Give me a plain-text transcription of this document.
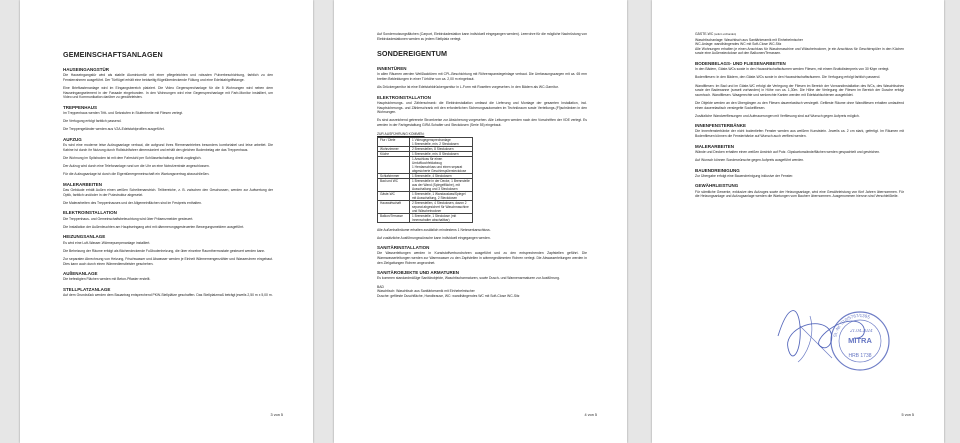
GEMEINSCHAFTSANLAGEN
HAUSEINGANGSTÜR

Die Hauseingangstür wird als stabile Aluminiumtür mit einer pflegeleichten und robusten Pulverbeschichtung, farblich zu den Fensterrahmen ausgeführt. Der Türflügel erhält eine beidseitig flügelüberdeckende Füllung und eine Edelstahlgriffstange.

Eine Briefkastenanlage wird im Eingangsbereich platziert. Die Video Gegensprechanlage für die 5 Wohnungen wird neben dem Hauseingangselement in der Fassade eingebunden. In den Wohnungen wird eine Gegensprechanlage mit Farb-Monitor installiert, um Video und Kommunikation darüber zu gewährleisten.

TREPPENHAUS

Im Treppenhaus werden Tritt- und Setzstufen in Stufenbreite mit Fliesen verlegt.

Die Verfugung erfolgt farblich passend.

Die Treppengeländer werden aus V2A-Edelstahlprofilen ausgeführt.

AUFZUG

Es wird eine moderne leise Aufzugsanlage verbaut, die aufgrund ihres Riemenantriebes besonders komfortabel und leise arbeitet. Die Kabine ist durch ihr Nutzung durch Rollstuhlfahrer dimensioniert und erhält den gleichen Bodenbelag wie das Treppenhaus.

Die Wohnung im Spitzboden ist mit dem Fahrstuhl per Schlüsselschaltung direkt zugänglich.

Der Aufzug wird durch eine Telefonanlage rund um die Uhr an eine Notrufzentrale angeschlossen.

Für die Aufzugsanlage ist durch die Eigentümergemeinschaft ein Wartungsvertrag abzuschließen.

MALERARBEITEN

Das Gebäude erhält Außen einen weißen Scheibenanstrich. Teilbereiche, z. B. zwischen den Geschossen, werden zur Aufwertung der Optik, farblich und/oder in der Putzstruktur abgesetzt.

Die Malerarbeiten des Treppenhauses und der Allgemeinflächen sind im Festpreis enthalten.

ELEKTROINSTALLATION

Die Treppenhaus- und Gemeinschaftsbeleuchtung wird über Präsenzmelder gesteuert.

Die Installation der Außenleuchten am Hauptseingang wird mit dämmerungsgesteuerten Bewegungsmeldern ausgeführt.

HEIZUNGSANLAGE

Es wird eine Luft-Wasser-Wärmepumpenanlage installiert.

Die Beheizung der Räume erfolgt als flächendeckende Fußbodenheizung, die über einzelne Raumthermostate gesteuert werden kann.

Zur separaten Abrechnung von Heizung, Frischwasser und Abwasser werden je Einheit Wärmemengenzähler und Wasseruhren eingebaut. Dies kann auch durch einen Wärmedienstleister geschehen.

AUßENANLAGE

Die befestigten Flächen werden mit Beton-Pflaster erstellt.

STELLPLATZANLAGE

Auf dem Grundstück werden dem Bauantrag entsprechend PKW-Stellplätze geschaffen. Das Stellplatzmaß beträgt jeweils 2,50 m x 5,00 m.

3 von 5

Auf Sondernutzungsflächen (Carport, Elektroladestation kann individuell eingegangen werden). Leerrohre für die mögliche Nachrüstung von Elektroladestationen werden zu jedem Stellplatz verlegt.

SONDEREIGENTUM
INNENTÜREN

In allen Räumen werden Weißlacktüren mit CPL-Beschichtung mit Röhrenspanstegeinlage verbaut. Die Umfassungszargen mit ca. 65 mm breiten Bekleidungen in einer Türhöhe von ca. 2,00 m eingebaut.

Als Drückergarnitur ist eine Edelstahldrückergarnitur in L-Form mit Rosetten vorgesehen. In den Bädern als WC-Garnitur.

ELEKTROINSTALLATION

Hauptsicherungs- und Zählerschrank: die Elektroinstallation umfasst die Lieferung und Montage der gesamten Installation, incl. Hauptsicherungs- und Zählerschrank mit den erforderlichen Sicherungsautomaten im Technikraum sowie Verteilungs-(Fl)schränken in den Wohnungen.

Es sind ausreichend getrennte Stromkreise zur Absicherung vorgesehen. Alle Leitungen werden nach den Vorschriften der VDE verlegt. Es werden in der Farbgestaltung GIRA Schalter und Steckdosen (Serie 55) eingebaut.

ZUR AUSFÜHRUNG KOMMEN:
Flur / Diele	1 Videogegensprechanlage
1 Brennstelle, min. 2 Steckdosen
Wohnzimmer	2 Brennstellen, 8 Steckdosen
Küche	1 Brennstelle, min. 8 Steckdosen
	1 Anschluss für einen Umluftkochfeldabzug
1 Herdanschluss und einen separat abgesicherte Geschirrspülersteckdose
Schlafzimmer	1 Brennstelle, 4 Steckdosen
Bad und WC	1 Brennstelle in der Decke, 1 Brennstelle aus der Wand (Spiegelfläche), mit Ausschaltung und 3 Steckdosen
Gäste-WC	1 Brennstelle, 1 Wandauslass/Spiegel mit Ausschaltung, 2 Steckdosen
Hauswirtschaft	2 Brennstellen, 4 Steckdosen, davon 2 separat abgesichert für Waschmaschine und Wäschetrockner
Balkon/Terrasse	1 Brennstelle, 1 Steckdose (mit Innenschalter abschaltbar)

Alle Außenhalbräume erhalten zusätzlich mindestens 1 Netzwerkanschluss.

Auf zusätzliche Ausführungswünsche kann individuell eingegangen werden.

SANITÄRINSTALLATION

Die Wasserleitungen werden in Kunststoffverbundrohren ausgeführt und zu den entsprechenden Zapfstellen geführt. Die Warmwasserleitungen werden zur Warmwasser zu den Zapfstellen in wärmegedämmten Rohren verlegt. Die Abwasserleitungen werden in den Zielgattungen Rohren angeordnet.

SANITÄROBJEKTE UND ARMATUREN

Es kommen standardmäßige Sanitärobjekte, Waschtischarmaturen, sowie Dusch- und Wannenarmaturen zur Ausführung.

BAD
Waschtisch: Waschtisch aus Sanitärkeramik mit Einhebelmischer
Dusche: geflieste Duschfläche, Handbrause, WC: wandhängendes WC mit Soft-Close WC-Sitz
4 von 5
GÄSTE-WC (sofern vorhanden)
Waschtischanlage: Waschtisch aus Sanitärkeramik mit Einhebelmischer
WC-Anlage: wandhängendes WC mit Soft-Close WC-Sitz
Alle Wohnungen erhalten je einen Anschluss für Waschmaschine und Wäschetrockner, je ein Anschluss für Geschirrspüler in den Küchen sowie eine Außensteckdose auf den Balkonen/Terrassen.
BODENBELAGS- UND FLIESENARBEITEN

In den Bädern, Gäste-WCs sowie in den Hauswirtschaftsräumen werden Fliesen, mit einem Bruttolistenpreis von 30 €/qm verlegt.

Bodenfliesen: In den Bädern, den Gäste-WCs sowie in den Hauswirtschaftsräumen. Die Verfugung erfolgt farblich passend.

Wandfliesen: Im Bad und im Gäste-WC erfolgt die Verlegung der Fliesen im Bereich der Vorwandinstallation des WCs, des Waschtisches sowie der Badewanne (soweit vorhanden) in Höhe von ca. 1,30m. Die Höhe der Verlegung der Fliesen im Bereich der Dusche erfolgt raumhoch. Wandfliesen. Waagerechte und senkrechte Kanten werden mit Edelstahlschienen ausgebildet.

Die Objekte werden an den Übergängen zu den Fliesen dauerelastisch versiegelt. Geflieste Räume ohne Wandfliesen erhalten umlaufend einen dauerelastisch versiegelte Sockelfliesen.

Zusätzliche Wandverfliesungen und Aufmauerungen mit Verfliesung sind auf Wunsch gegen Aufpreis möglich.

INNENFENSTERBÄNKE

Die Innenfensterbänke der nicht bodentiefen Fenster werden aus weißem Kunststein. Jeweils ca. 2 cm stark, gefertigt. Im Räumen mit Bodenfliesen können die Fensterbänke auf Wunsch auch verfliest werden.

MALERARBEITEN

Wände und Decken erhalten einen weißen Anstrich auf Putz. Gipskartonwände/flächen werden gespachtelt und gestrichen.

Auf Wunsch können Sonderwünsche gegen Aufpreis ausgeführt werden.

BAUENDREINIGUNG

Zur Übergabe erfolgt eine Bauendreinigung inklusive der Fenster.

GEWÄHRLEISTUNG

Für sämtliche Gewerke, exklusive des Aufzuges sowie der Heizungsanlage, wird eine Gewährleistung von fünf Jahren übernommen. Für die Heizungsanlage und Aufzugsanlage werden die Wartungen vom Bauherr übernommen. Ausgenommen hiervon sind Verschleißteile.

21.04.2024
St.-Nr. 310/5767/1395
MITRA
HRB 1738
5 von 5
